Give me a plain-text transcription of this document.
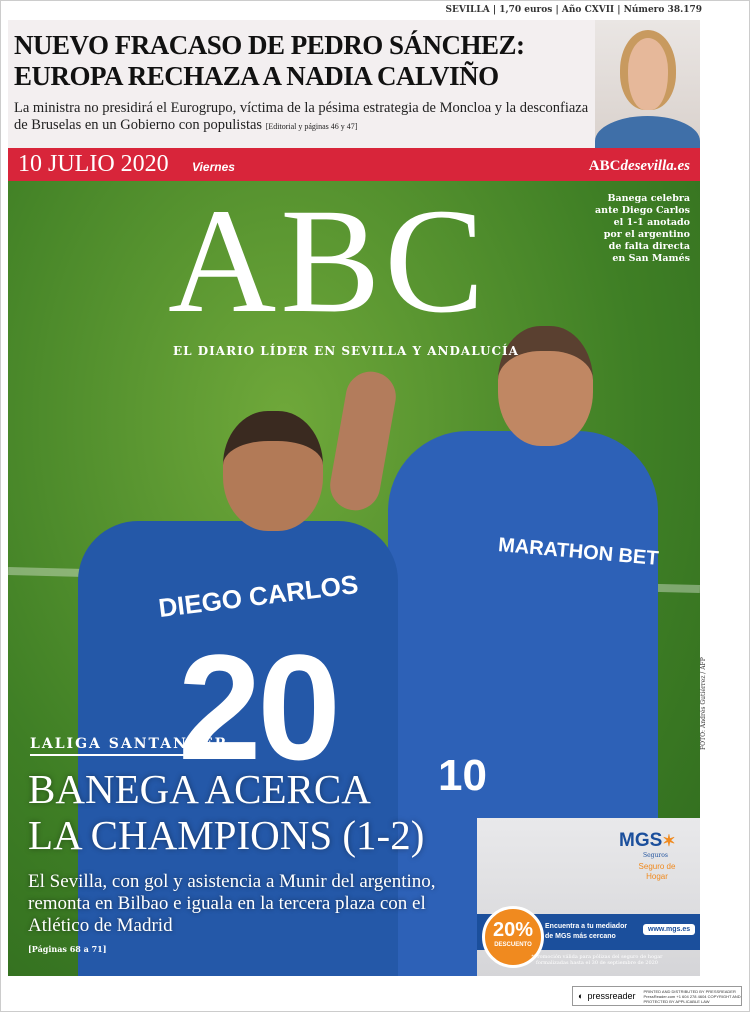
SEVILLA | 1,70 euros | Año CXVII | Número 38.179
NUEVO FRACASO DE PEDRO SÁNCHEZ:
EUROPA RECHAZA A NADIA CALVIÑO
La ministra no presidirá el Eurogrupo, víctima de la pésima estrategia de Moncloa y la desconfiaza de Bruselas en un Gobierno con populistas [Editorial y páginas 46 y 47]
10 JULIO 2020 Viernes	ABCdesevilla.es
ABC
EL DIARIO LÍDER EN SEVILLA Y ANDALUCÍA
MARATHON BET
10
DIEGO CARLOS
20
Banega celebra ante Diego Carlos el 1-1 anotado por el argentino de falta directa en San Mamés
LALIGA SANTANDER
BANEGA ACERCA
LA CHAMPIONS (1-2)
El Sevilla, con gol y asistencia a Munir del argentino, remonta en Bilbao e iguala en la tercera plaza con el Atlético de Madrid
[Páginas 68 a 71]
FOTO: Andrés Gutiérrez / AFP
MGS✶
Seguros
Seguro de Hogar
Encuentra a tu mediador de MGS más cercano
www.mgs.es
20%
DESCUENTO
*Promoción válida para pólizas del seguro de hogar formalizadas hasta el 30 de septiembre de 2020
◐ pressreader PRINTED AND DISTRIBUTED BY PRESSREADER PressReader.com +1 604 278 4604 COPYRIGHT AND PROTECTED BY APPLICABLE LAW
